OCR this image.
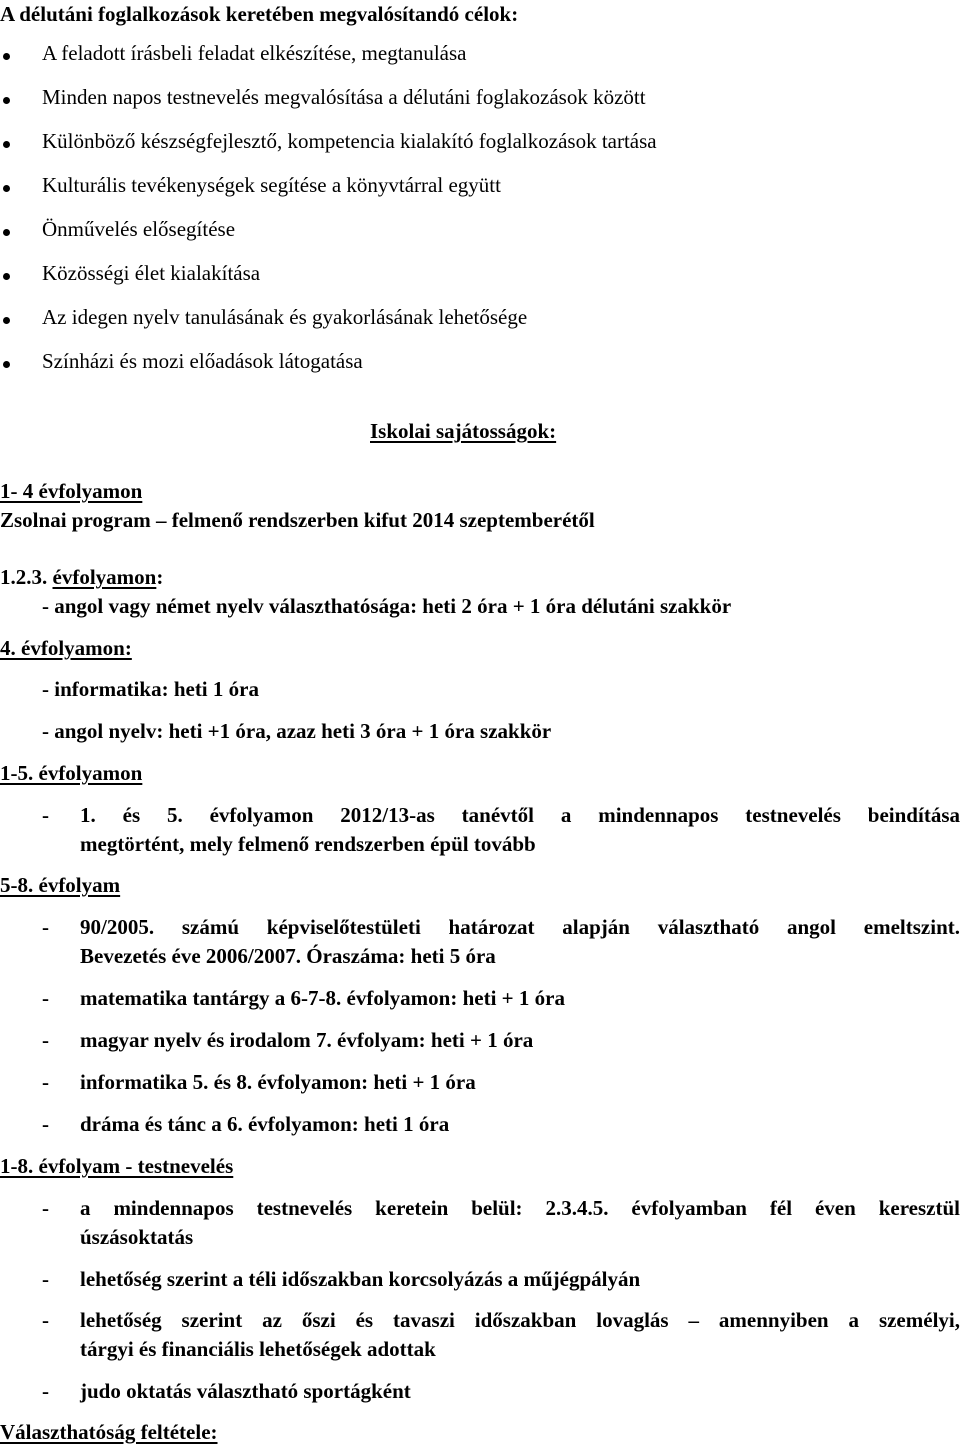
A délutáni foglalkozások keretében megvalósítandó célok:
A feladott írásbeli feladat elkészítése, megtanulása
Minden napos testnevelés megvalósítása a délutáni foglakozások között
Különböző készségfejlesztő, kompetencia kialakító foglalkozások tartása
Kulturális tevékenységek segítése a könyvtárral együtt
Önművelés elősegítése
Közösségi élet kialakítása
Az idegen nyelv tanulásának és gyakorlásának lehetősége
Színházi és mozi előadások látogatása
Iskolai sajátosságok:
1- 4 évfolyamon
Zsolnai program – felmenő rendszerben kifut 2014 szeptemberétől
1.2.3. évfolyamon:
- angol vagy német nyelv választhatósága: heti 2 óra + 1 óra délutáni szakkör
4. évfolyamon:
- informatika: heti 1 óra
- angol nyelv: heti +1 óra, azaz heti 3 óra + 1 óra szakkör
1-5. évfolyamon
- 1. és 5. évfolyamon 2012/13-as tanévtől a mindennapos testnevelés beindítása
megtörtént, mely felmenő rendszerben épül tovább
5-8. évfolyam
- 90/2005. számú képviselőtestületi határozat alapján választható angol emeltszint.
Bevezetés éve 2006/2007. Óraszáma: heti 5 óra
- matematika tantárgy a 6-7-8. évfolyamon: heti + 1 óra
- magyar nyelv és irodalom 7. évfolyam: heti + 1 óra
- informatika 5. és 8. évfolyamon: heti + 1 óra
- dráma és tánc a 6. évfolyamon: heti 1 óra
1-8. évfolyam - testnevelés
- a mindennapos testnevelés keretein belül: 2.3.4.5. évfolyamban fél éven keresztül
úszásoktatás
- lehetőség szerint a téli időszakban korcsolyázás a műjégpályán
- lehetőség szerint az őszi és tavaszi időszakban lovaglás – amennyiben a személyi,
tárgyi és financiális lehetőségek adottak
- judo oktatás választható sportágként
Választhatóság feltétele:
